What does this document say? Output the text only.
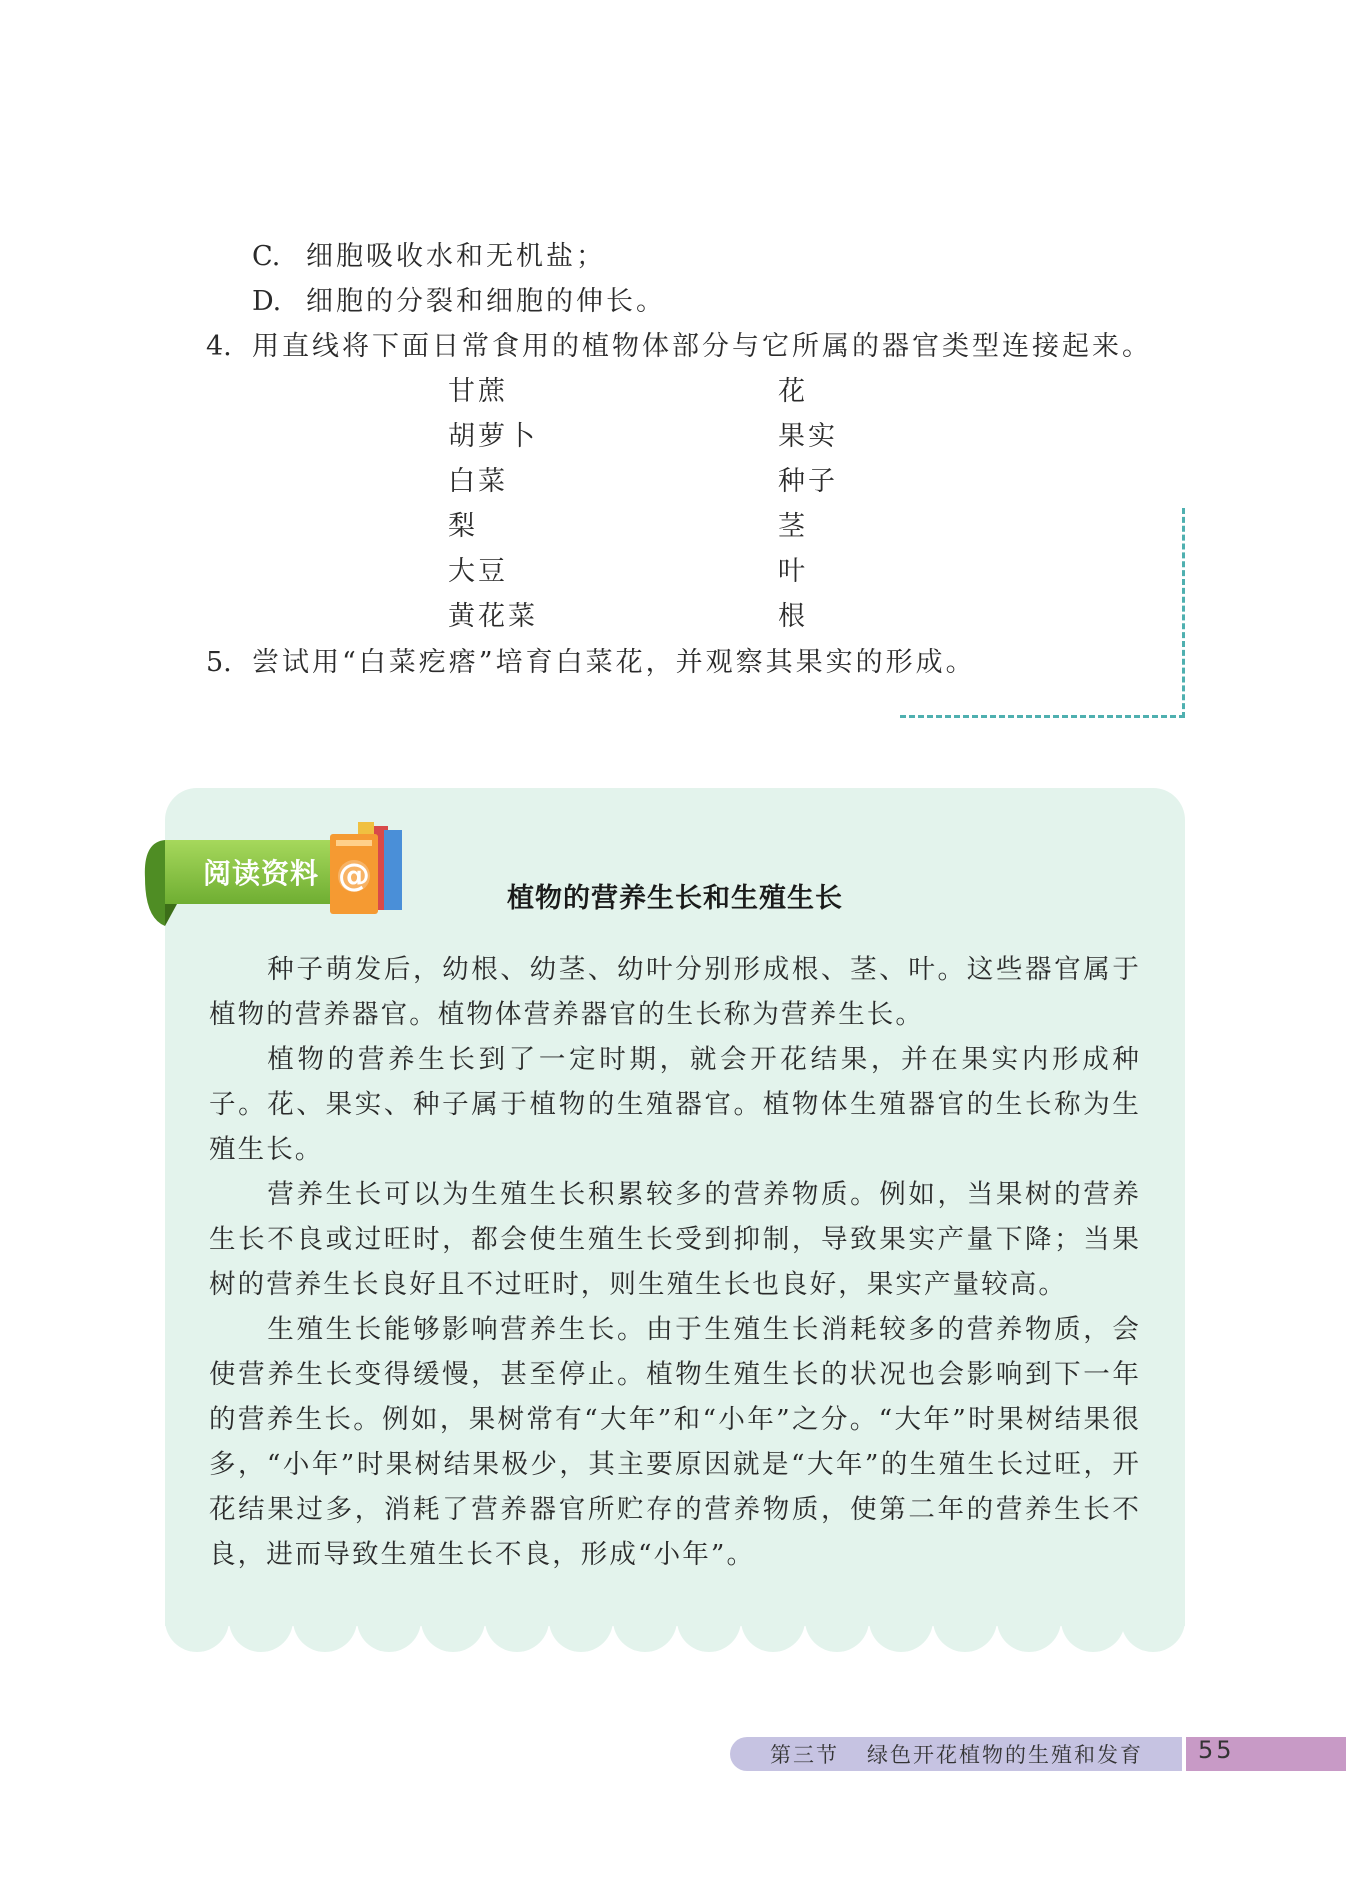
C. 细胞吸收水和无机盐；
D. 细胞的分裂和细胞的伸长。
4. 用直线将下面日常食用的植物体部分与它所属的器官类型连接起来。
甘蔗
胡萝卜
白菜
梨
大豆
黄花菜
花
果实
种子
茎
叶
根
5. 尝试用“白菜疙瘩”培育白菜花，并观察其果实的形成。
阅读资料 @
植物的营养生长和生殖生长

种子萌发后，幼根、幼茎、幼叶分别形成根、茎、叶。这些器官属于植物的营养器官。植物体营养器官的生长称为营养生长。

植物的营养生长到了一定时期，就会开花结果，并在果实内形成种子。花、果实、种子属于植物的生殖器官。植物体生殖器官的生长称为生殖生长。

营养生长可以为生殖生长积累较多的营养物质。例如，当果树的营养生长不良或过旺时，都会使生殖生长受到抑制，导致果实产量下降；当果树的营养生长良好且不过旺时，则生殖生长也良好，果实产量较高。

生殖生长能够影响营养生长。由于生殖生长消耗较多的营养物质，会使营养生长变得缓慢，甚至停止。植物生殖生长的状况也会影响到下一年的营养生长。例如，果树常有“大年”和“小年”之分。“大年”时果树结果很多，“小年”时果树结果极少，其主要原因就是“大年”的生殖生长过旺，开花结果过多，消耗了营养器官所贮存的营养物质，使第二年的营养生长不良，进而导致生殖生长不良，形成“小年”。

第三节 绿色开花植物的生殖和发育 55
